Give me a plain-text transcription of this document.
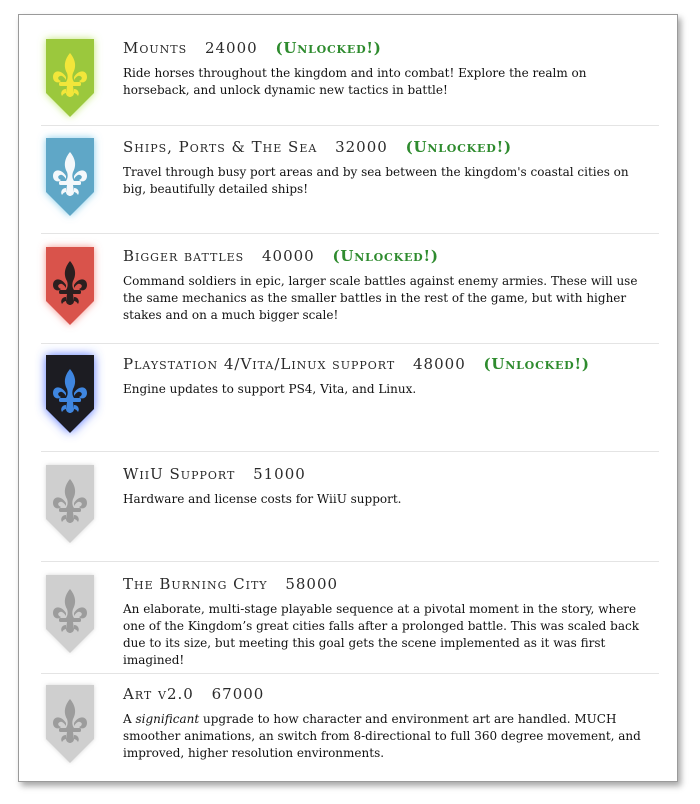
Mounts 24000 (Unlocked!)
Ride horses throughout the kingdom and into combat! Explore the realm on horseback, and unlock dynamic new tactics in battle!
Ships, Ports & The Sea 32000 (Unlocked!)
Travel through busy port areas and by sea between the kingdom's coastal cities on big, beautifully detailed ships!
Bigger battles 40000 (Unlocked!)
Command soldiers in epic, larger scale battles against enemy armies. These will use the same mechanics as the smaller battles in the rest of the game, but with higher stakes and on a much bigger scale!
Playstation 4/Vita/Linux support 48000 (Unlocked!)
Engine updates to support PS4, Vita, and Linux.
WiiU Support 51000
Hardware and license costs for WiiU support.
The Burning City 58000
An elaborate, multi-stage playable sequence at a pivotal moment in the story, where one of the Kingdom’s great cities falls after a prolonged battle. This was scaled back due to its size, but meeting this goal gets the scene implemented as it was first imagined!
Art v2.0 67000
A significant upgrade to how character and environment art are handled. MUCH smoother animations, an switch from 8-directional to full 360 degree movement, and improved, higher resolution environments.
